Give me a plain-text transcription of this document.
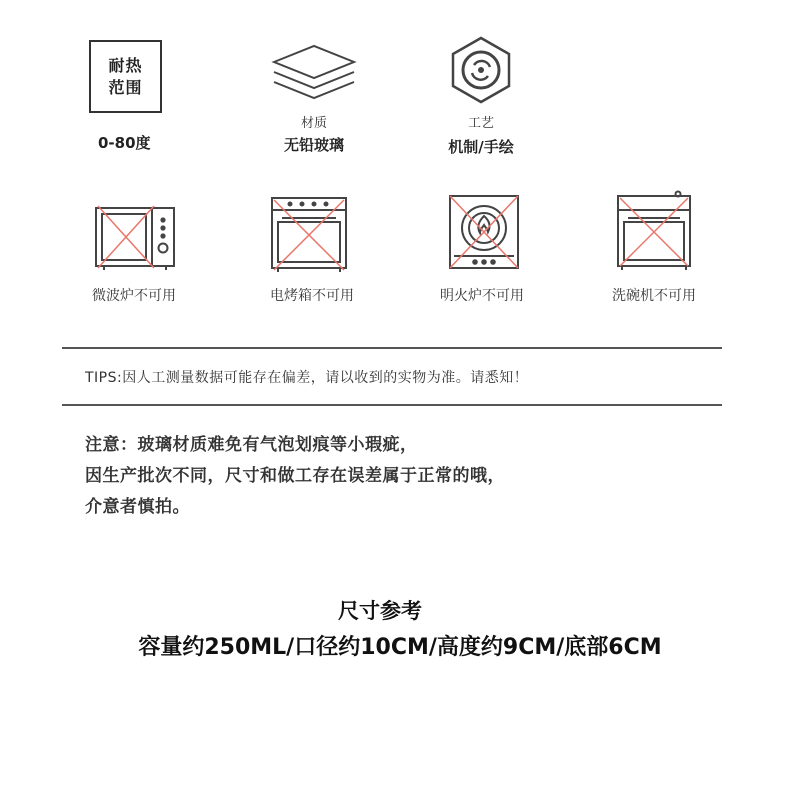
耐热
范围
0-80度
材质
无铅玻璃
工艺
机制/手绘
微波炉不可用	电烤箱不可用	明火炉不可用	洗碗机不可用
TIPS:因人工测量数据可能存在偏差，请以收到的实物为准。请悉知！
注意：玻璃材质难免有气泡划痕等小瑕疵，
因生产批次不同，尺寸和做工存在误差属于正常的哦，
介意者慎拍。
尺寸参考
容量约250ML/口径约10CM/高度约9CM/底部6CM
